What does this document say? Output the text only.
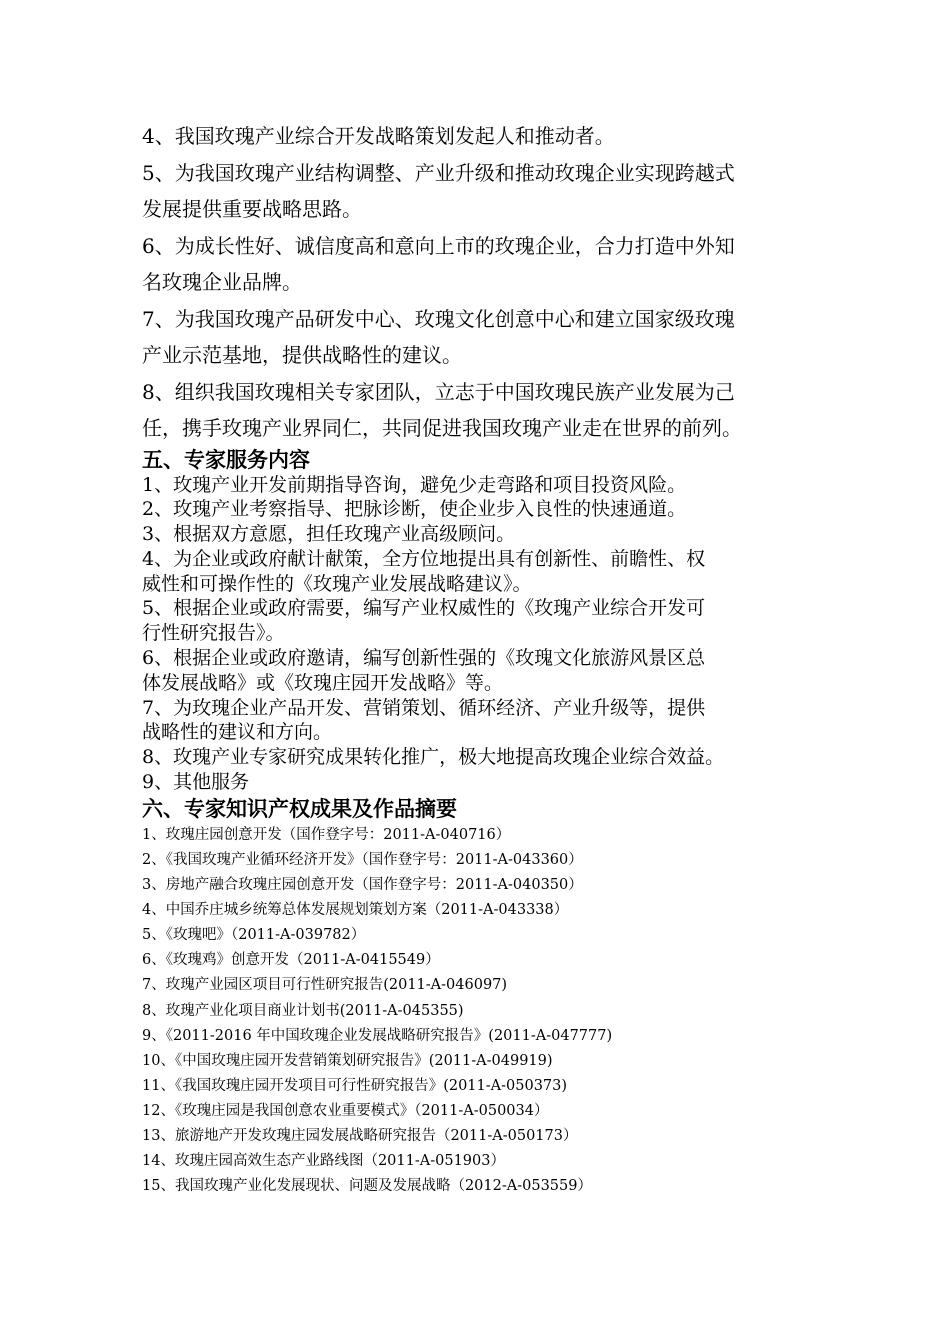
4、我国玫瑰产业综合开发战略策划发起人和推动者。

5、为我国玫瑰产业结构调整、产业升级和推动玫瑰企业实现跨越式

发展提供重要战略思路。

6、为成长性好、诚信度高和意向上市的玫瑰企业，合力打造中外知

名玫瑰企业品牌。

7、为我国玫瑰产品研发中心、玫瑰文化创意中心和建立国家级玫瑰

产业示范基地，提供战略性的建议。

8、组织我国玫瑰相关专家团队，立志于中国玫瑰民族产业发展为己

任，携手玫瑰产业界同仁，共同促进我国玫瑰产业走在世界的前列。

五、专家服务内容

1、玫瑰产业开发前期指导咨询，避免少走弯路和项目投资风险。

2、玫瑰产业考察指导、把脉诊断，使企业步入良性的快速通道。

3、根据双方意愿，担任玫瑰产业高级顾问。

4、为企业或政府献计献策，全方位地提出具有创新性、前瞻性、权

威性和可操作性的《玫瑰产业发展战略建议》。

5、根据企业或政府需要，编写产业权威性的《玫瑰产业综合开发可

行性研究报告》。

6、根据企业或政府邀请，编写创新性强的《玫瑰文化旅游风景区总

体发展战略》或《玫瑰庄园开发战略》等。

7、为玫瑰企业产品开发、营销策划、循环经济、产业升级等，提供

战略性的建议和方向。

8、玫瑰产业专家研究成果转化推广，极大地提高玫瑰企业综合效益。

9、其他服务

六、专家知识产权成果及作品摘要

1、玫瑰庄园创意开发（国作登字号：2011-A-040716）

2、《我国玫瑰产业循环经济开发》（国作登字号：2011-A-043360）

3、房地产融合玫瑰庄园创意开发（国作登字号：2011-A-040350）

4、中国乔庄城乡统筹总体发展规划策划方案（2011-A-043338）

5、《玫瑰吧》（2011-A-039782）

6、《玫瑰鸡》创意开发（2011-A-0415549）

7、玫瑰产业园区项目可行性研究报告(2011-A-046097)

8、玫瑰产业化项目商业计划书(2011-A-045355)

9、《2011-2016 年中国玫瑰企业发展战略研究报告》(2011-A-047777)

10、《中国玫瑰庄园开发营销策划研究报告》(2011-A-049919)

11、《我国玫瑰庄园开发项目可行性研究报告》(2011-A-050373)

12、《玫瑰庄园是我国创意农业重要模式》（2011-A-050034）

13、旅游地产开发玫瑰庄园发展战略研究报告（2011-A-050173）

14、玫瑰庄园高效生态产业路线图（2011-A-051903）

15、我国玫瑰产业化发展现状、问题及发展战略（2012-A-053559）
